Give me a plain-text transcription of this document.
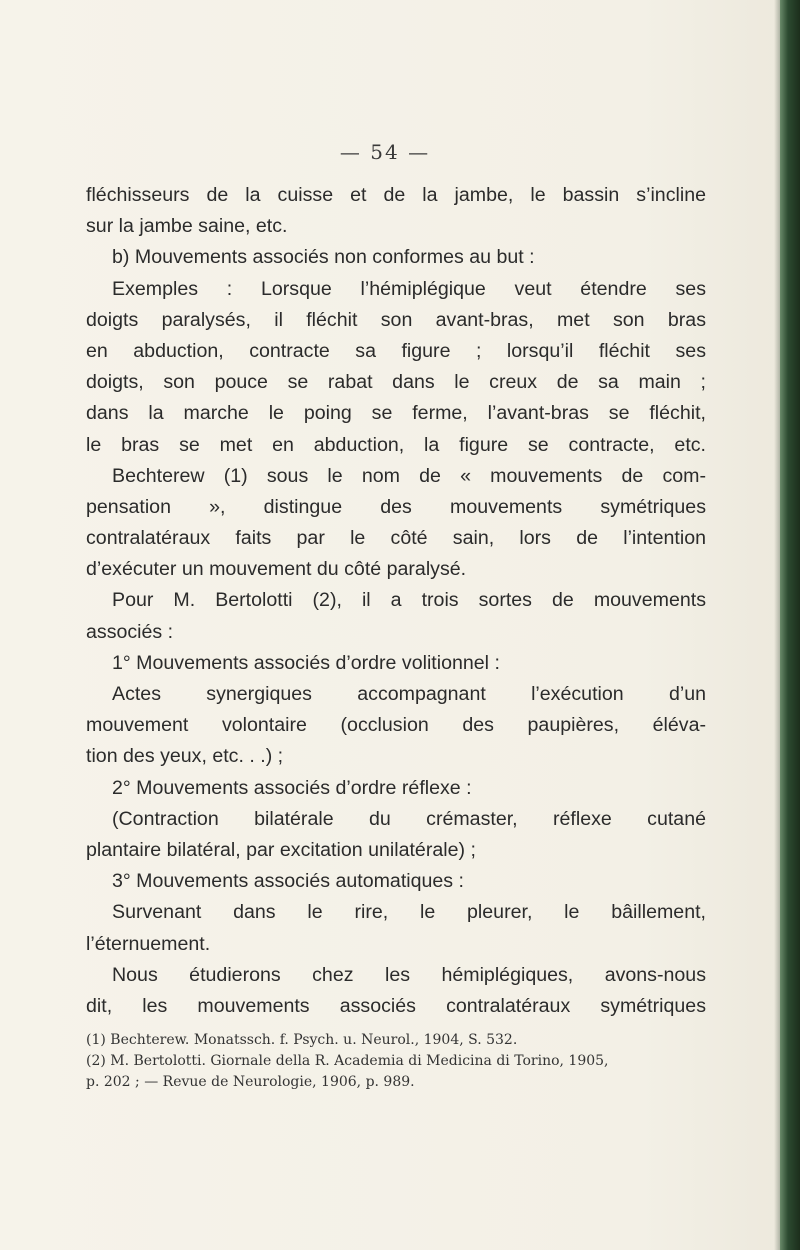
— 54 —
fléchisseurs de la cuisse et de la jambe, le bassin s’incline
sur la jambe saine, etc.
b) Mouvements associés non conformes au but :
Exemples : Lorsque l’hémiplégique veut étendre ses
doigts paralysés, il fléchit son avant-bras, met son bras
en abduction, contracte sa figure ; lorsqu’il fléchit ses
doigts, son pouce se rabat dans le creux de sa main ;
dans la marche le poing se ferme, l’avant-bras se fléchit,
le bras se met en abduction, la figure se contracte, etc.
Bechterew (1) sous le nom de « mouvements de com-
pensation », distingue des mouvements symétriques
contralatéraux faits par le côté sain, lors de l’intention
d’exécuter un mouvement du côté paralysé.
Pour M. Bertolotti (2), il a trois sortes de mouvements
associés :
1° Mouvements associés d’ordre volitionnel :
Actes synergiques accompagnant l’exécution d’un
mouvement volontaire (occlusion des paupières, éléva-
tion des yeux, etc. . .) ;
2° Mouvements associés d’ordre réflexe :
(Contraction bilatérale du crémaster, réflexe cutané
plantaire bilatéral, par excitation unilatérale) ;
3° Mouvements associés automatiques :
Survenant dans le rire, le pleurer, le bâillement,
l’éternuement.
Nous étudierons chez les hémiplégiques, avons-nous
dit, les mouvements associés contralatéraux symétriques
(1) Bechterew. Monatssch. f. Psych. u. Neurol., 1904, S. 532.
(2) M. Bertolotti. Giornale della R. Academia di Medicina di Torino, 1905,
p. 202 ; — Revue de Neurologie, 1906, p. 989.
